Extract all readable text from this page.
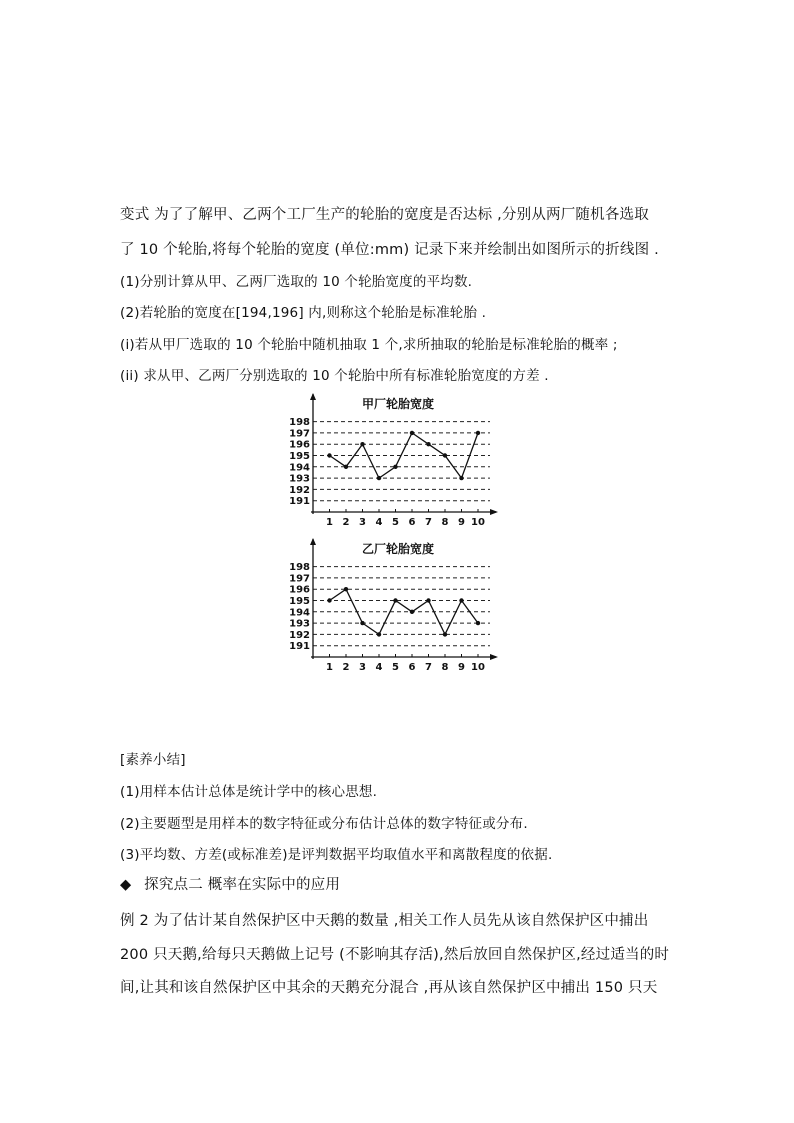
变式 为了了解甲、乙两个工厂生产的轮胎的宽度是否达标 ,分别从两厂随机各选取
了 10 个轮胎,将每个轮胎的宽度 (单位:mm) 记录下来并绘制出如图所示的折线图 .
(1)分别计算从甲、乙两厂选取的 10 个轮胎宽度的平均数.
(2)若轮胎的宽度在[194,196] 内,则称这个轮胎是标准轮胎 .
(i)若从甲厂选取的 10 个轮胎中随机抽取 1 个,求所抽取的轮胎是标准轮胎的概率 ;
(ii) 求从甲、乙两厂分别选取的 10 个轮胎中所有标准轮胎宽度的方差 .
甲厂轮胎宽度
191
192
193
194
195
196
197
198
1 2 3 4 5 6 7 8 9 10
乙厂轮胎宽度
191
192
193
194
195
196
197
198
1 2 3 4 5 6 7 8 9 10
[素养小结]
(1)用样本估计总体是统计学中的核心思想.
(2)主要题型是用样本的数字特征或分布估计总体的数字特征或分布.
(3)平均数、方差(或标准差)是评判数据平均取值水平和离散程度的依据.
◆ 探究点二 概率在实际中的应用
例 2 为了估计某自然保护区中天鹅的数量 ,相关工作人员先从该自然保护区中捕出
200 只天鹅,给每只天鹅做上记号 (不影响其存活),然后放回自然保护区,经过适当的时
间,让其和该自然保护区中其余的天鹅充分混合 ,再从该自然保护区中捕出 150 只天
